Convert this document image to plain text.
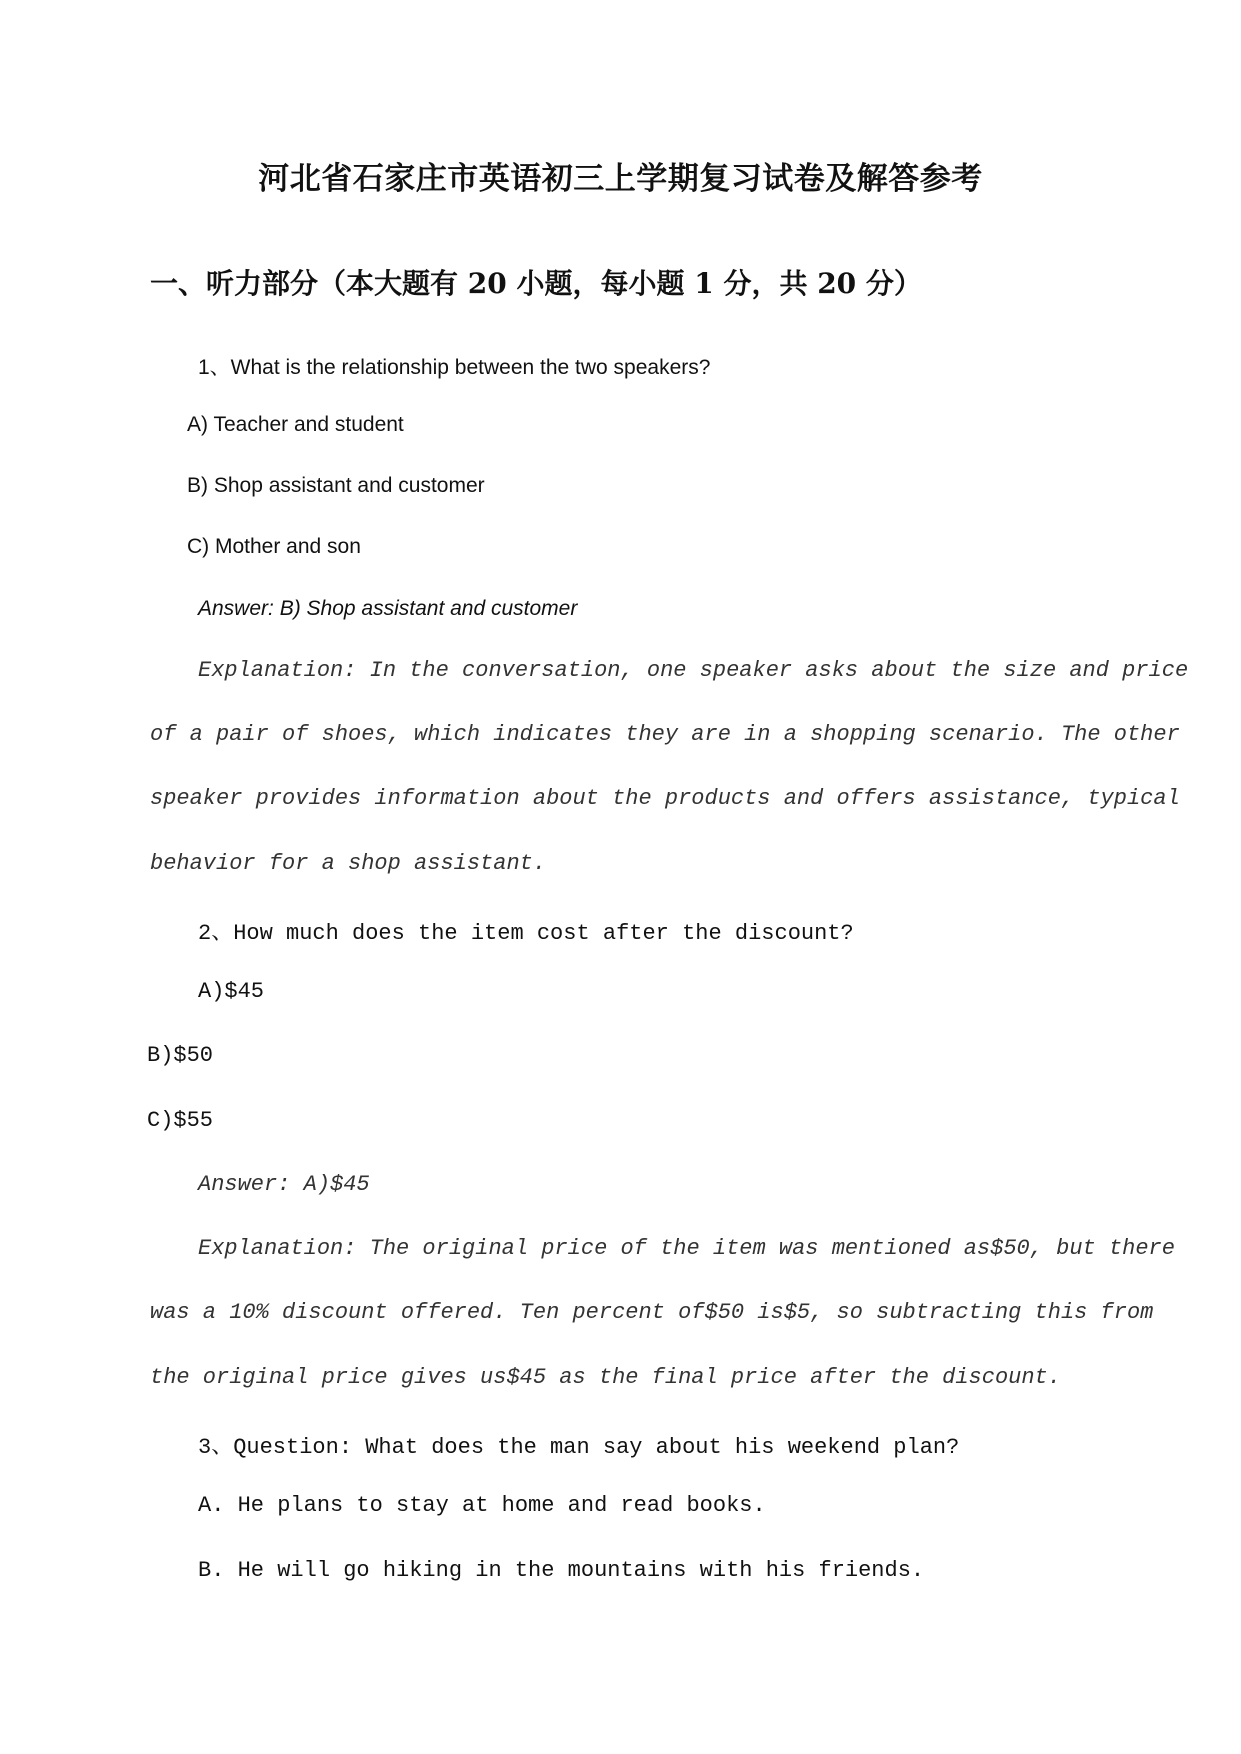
河北省石家庄市英语初三上学期复习试卷及解答参考
一、听力部分（本大题有 20 小题，每小题 1 分，共 20 分）
1、What is the relationship between the two speakers?
A) Teacher and student
B) Shop assistant and customer
C) Mother and son
Answer: B) Shop assistant and customer
Explanation: In the conversation, one speaker asks about the size and price
of a pair of shoes, which indicates they are in a shopping scenario. The other
speaker provides information about the products and offers assistance, typical
behavior for a shop assistant.
2、How much does the item cost after the discount?
A)$45
B)$50
C)$55
Answer: A)$45
Explanation: The original price of the item was mentioned as$50, but there
was a 10% discount offered. Ten percent of$50 is$5, so subtracting this from
the original price gives us$45 as the final price after the discount.
3、Question: What does the man say about his weekend plan?
A. He plans to stay at home and read books.
B. He will go hiking in the mountains with his friends.
